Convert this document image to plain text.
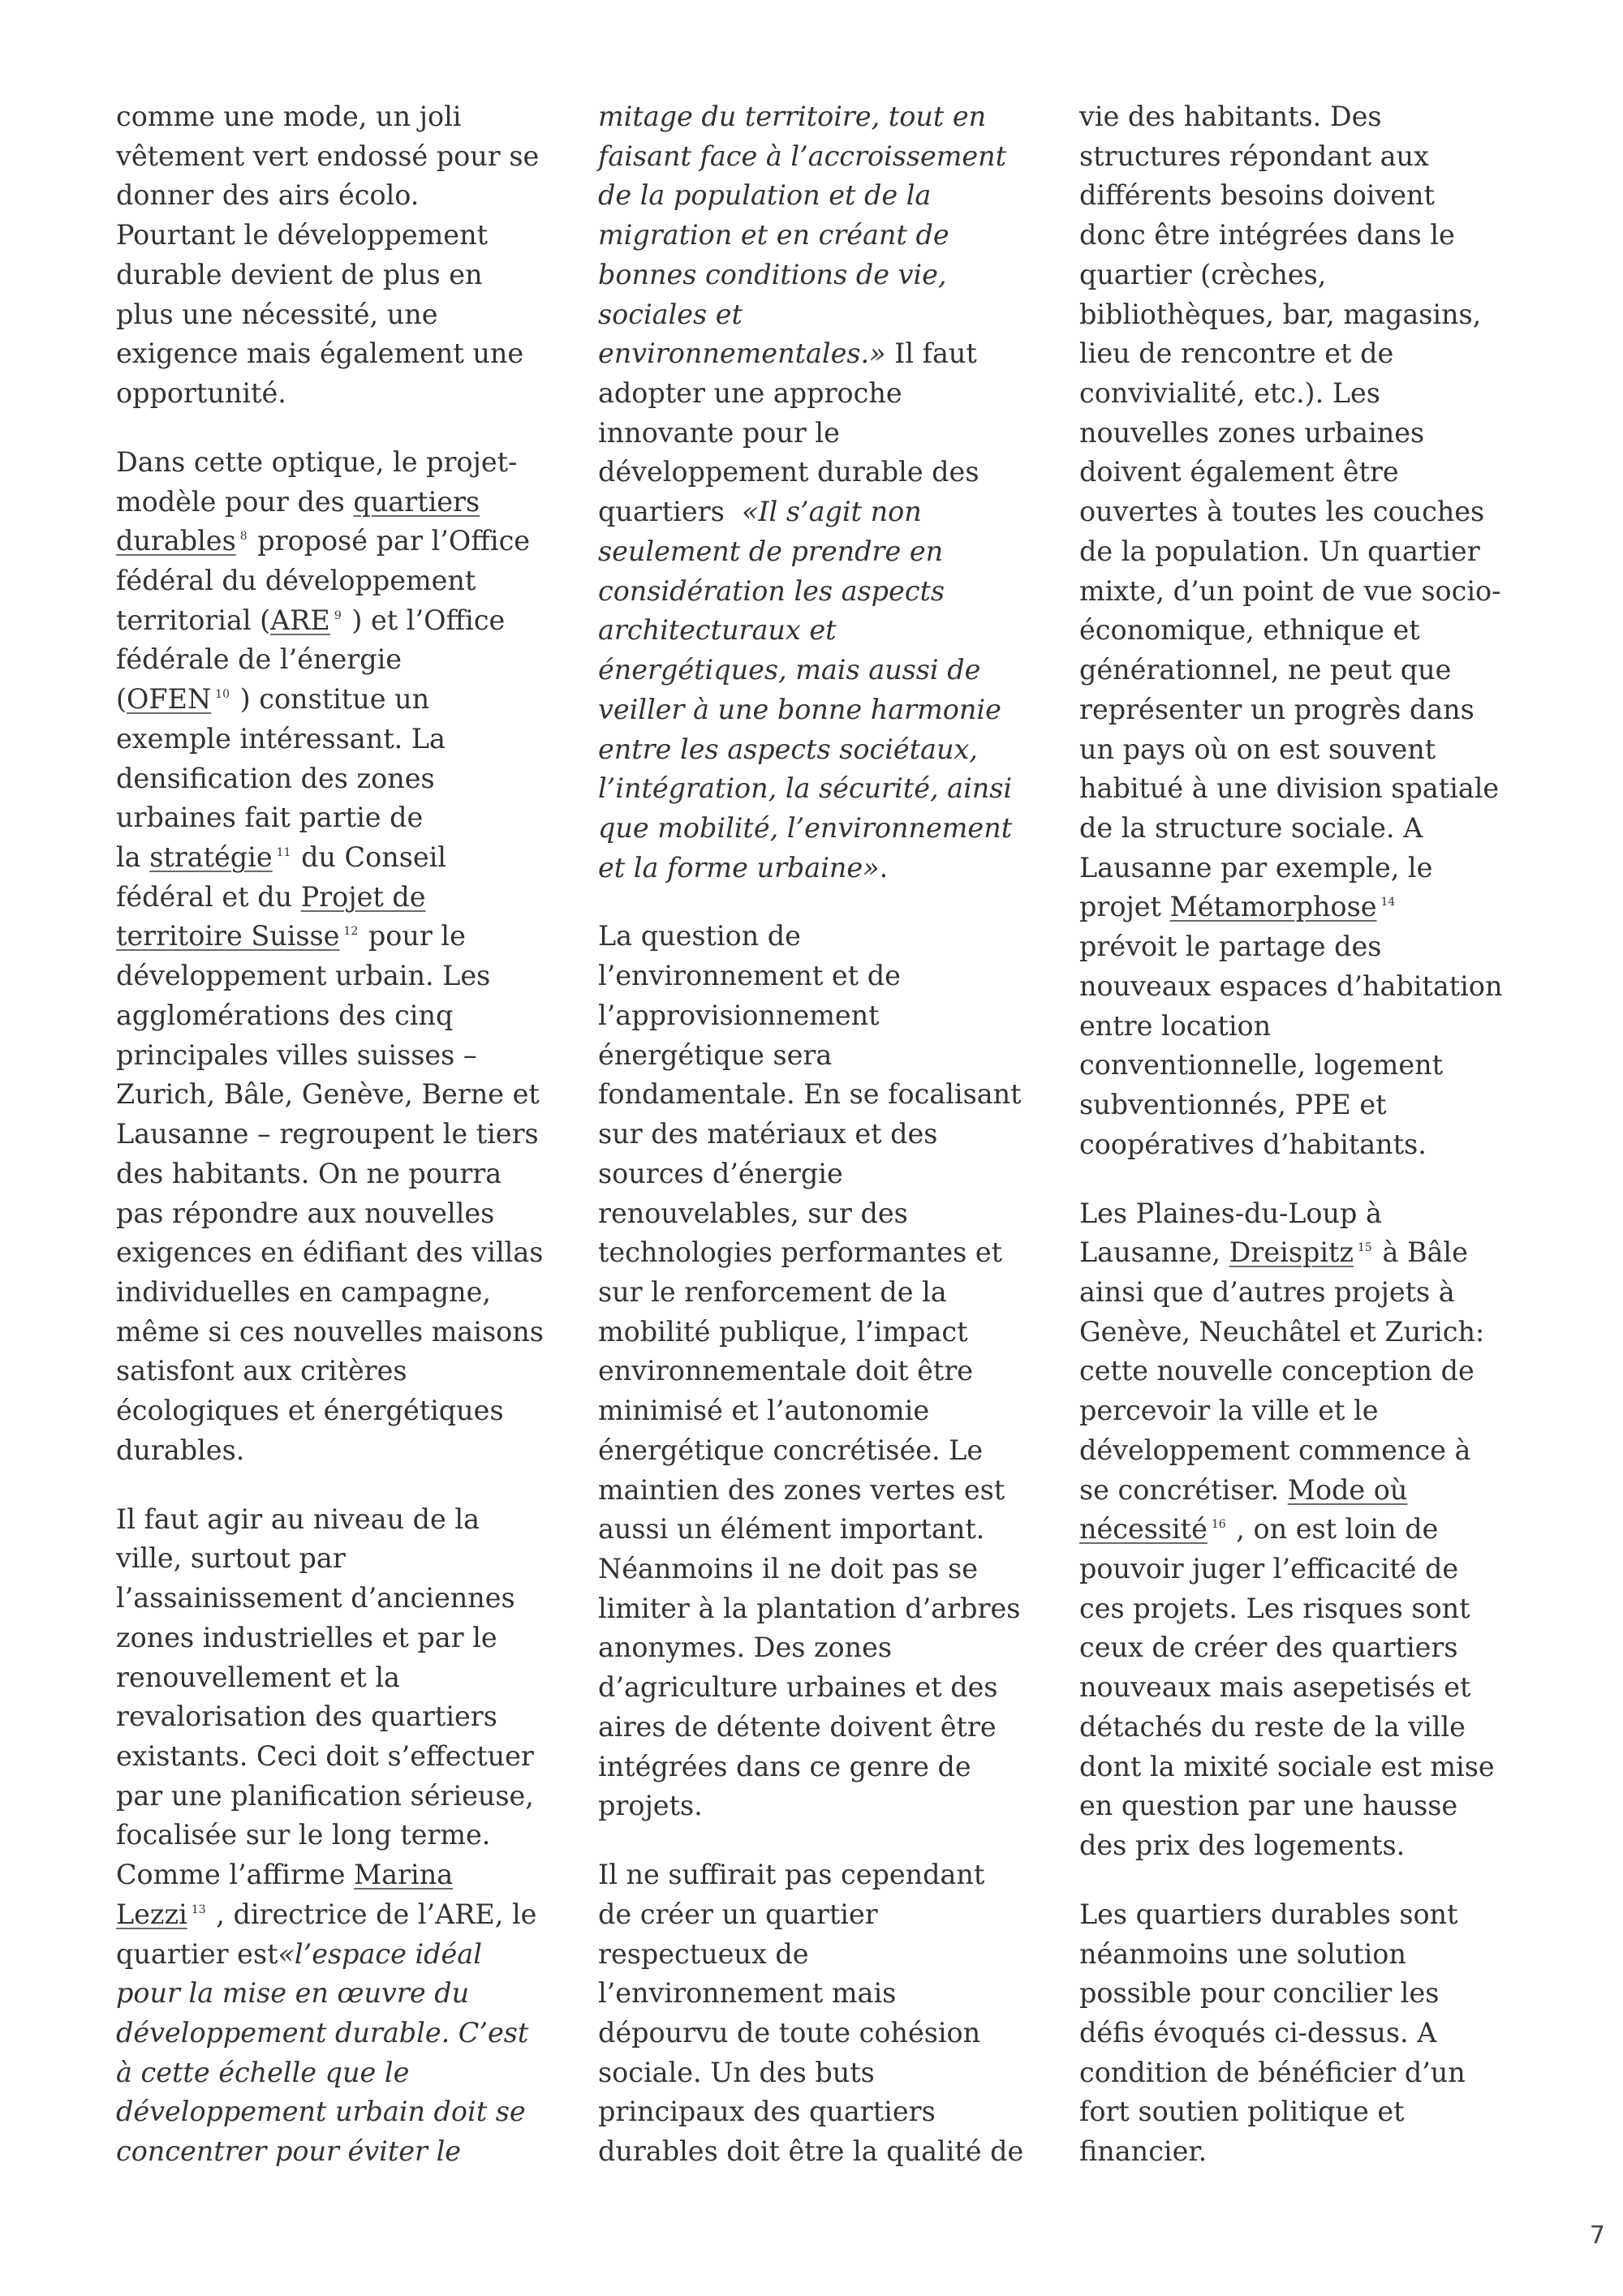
comme une mode, un joli
vêtement vert endossé pour se
donner des airs écolo.
Pourtant le développement
durable devient de plus en
plus une nécessité, une
exigence mais également une
opportunité.
Dans cette optique, le projet-
modèle pour des quartiers
durables $^8$ proposé par l’Office
fédéral du développement
territorial (ARE $^9$ ) et l’Office
fédérale de l’énergie
(OFEN $^{10}$ ) constitue un
exemple intéressant. La
densification des zones
urbaines fait partie de
la stratégie $^{11}$ du Conseil
fédéral et du Projet de
territoire Suisse $^{12}$ pour le
développement urbain. Les
agglomérations des cinq
principales villes suisses –
Zurich, Bâle, Genève, Berne et
Lausanne – regroupent le tiers
des habitants. On ne pourra
pas répondre aux nouvelles
exigences en édifiant des villas
individuelles en campagne,
même si ces nouvelles maisons
satisfont aux critères
écologiques et énergétiques
durables.
Il faut agir au niveau de la
ville, surtout par
l’assainissement d’anciennes
zones industrielles et par le
renouvellement et la
revalorisation des quartiers
existants. Ceci doit s’effectuer
par une planification sérieuse,
focalisée sur le long terme.
Comme l’affirme Marina
Lezzi $^{13}$ , directrice de l’ARE, le
quartier est«l’espace idéal
pour la mise en œuvre du
développement durable. C’est
à cette échelle que le
développement urbain doit se
concentrer pour éviter le
mitage du territoire, tout en
faisant face à l’accroissement
de la population et de la
migration et en créant de
bonnes conditions de vie,
sociales et
environnementales.» Il faut
adopter une approche
innovante pour le
développement durable des
quartiers  «Il s’agit non
seulement de prendre en
considération les aspects
architecturaux et
énergétiques, mais aussi de
veiller à une bonne harmonie
entre les aspects sociétaux,
l’intégration, la sécurité, ainsi
que mobilité, l’environnement
et la forme urbaine».
La question de
l’environnement et de
l’approvisionnement
énergétique sera
fondamentale. En se focalisant
sur des matériaux et des
sources d’énergie
renouvelables, sur des
technologies performantes et
sur le renforcement de la
mobilité publique, l’impact
environnementale doit être
minimisé et l’autonomie
énergétique concrétisée. Le
maintien des zones vertes est
aussi un élément important.
Néanmoins il ne doit pas se
limiter à la plantation d’arbres
anonymes. Des zones
d’agriculture urbaines et des
aires de détente doivent être
intégrées dans ce genre de
projets.
Il ne suffirait pas cependant
de créer un quartier
respectueux de
l’environnement mais
dépourvu de toute cohésion
sociale. Un des buts
principaux des quartiers
durables doit être la qualité de
vie des habitants. Des
structures répondant aux
différents besoins doivent
donc être intégrées dans le
quartier (crèches,
bibliothèques, bar, magasins,
lieu de rencontre et de
convivialité, etc.). Les
nouvelles zones urbaines
doivent également être
ouvertes à toutes les couches
de la population. Un quartier
mixte, d’un point de vue socio-
économique, ethnique et
générationnel, ne peut que
représenter un progrès dans
un pays où on est souvent
habitué à une division spatiale
de la structure sociale. A
Lausanne par exemple, le
projet Métamorphose $^{14}$
prévoit le partage des
nouveaux espaces d’habitation
entre location
conventionnelle, logement
subventionnés, PPE et
coopératives d’habitants.
Les Plaines-du-Loup à
Lausanne, Dreispitz $^{15}$ à Bâle
ainsi que d’autres projets à
Genève, Neuchâtel et Zurich:
cette nouvelle conception de
percevoir la ville et le
développement commence à
se concrétiser. Mode où
nécessité $^{16}$ , on est loin de
pouvoir juger l’efficacité de
ces projets. Les risques sont
ceux de créer des quartiers
nouveaux mais asepetisés et
détachés du reste de la ville
dont la mixité sociale est mise
en question par une hausse
des prix des logements.
Les quartiers durables sont
néanmoins une solution
possible pour concilier les
défis évoqués ci-dessus. A
condition de bénéficier d’un
fort soutien politique et
financier.
7
